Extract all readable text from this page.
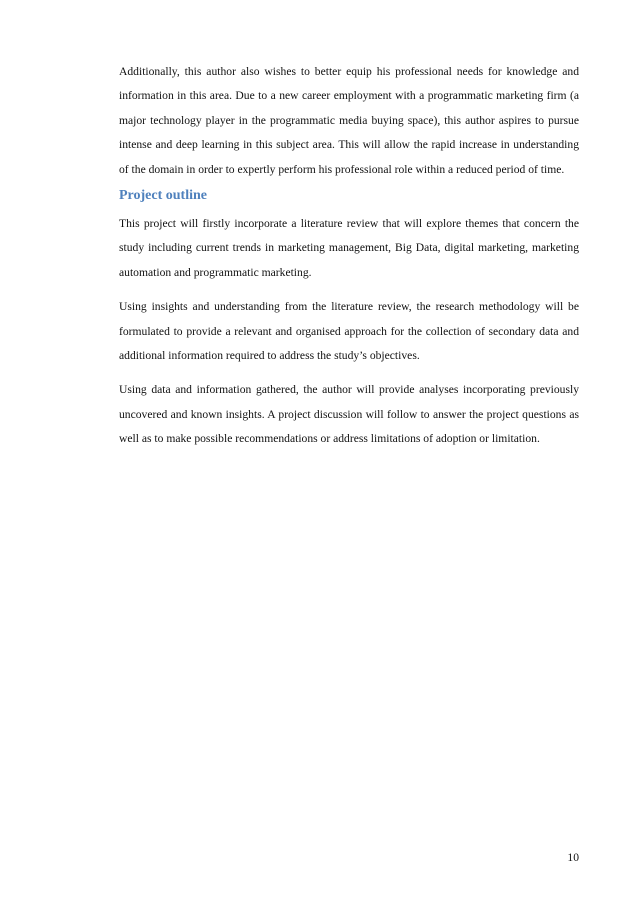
Additionally, this author also wishes to better equip his professional needs for knowledge and information in this area. Due to a new career employment with a programmatic marketing firm (a major technology player in the programmatic media buying space), this author aspires to pursue intense and deep learning in this subject area. This will allow the rapid increase in understanding of the domain in order to expertly perform his professional role within a reduced period of time.

Project outline

This project will firstly incorporate a literature review that will explore themes that concern the study including current trends in marketing management, Big Data, digital marketing, marketing automation and programmatic marketing.

Using insights and understanding from the literature review, the research methodology will be formulated to provide a relevant and organised approach for the collection of secondary data and additional information required to address the study’s objectives.

Using data and information gathered, the author will provide analyses incorporating previously uncovered and known insights. A project discussion will follow to answer the project questions as well as to make possible recommendations or address limitations of adoption or limitation.

10
